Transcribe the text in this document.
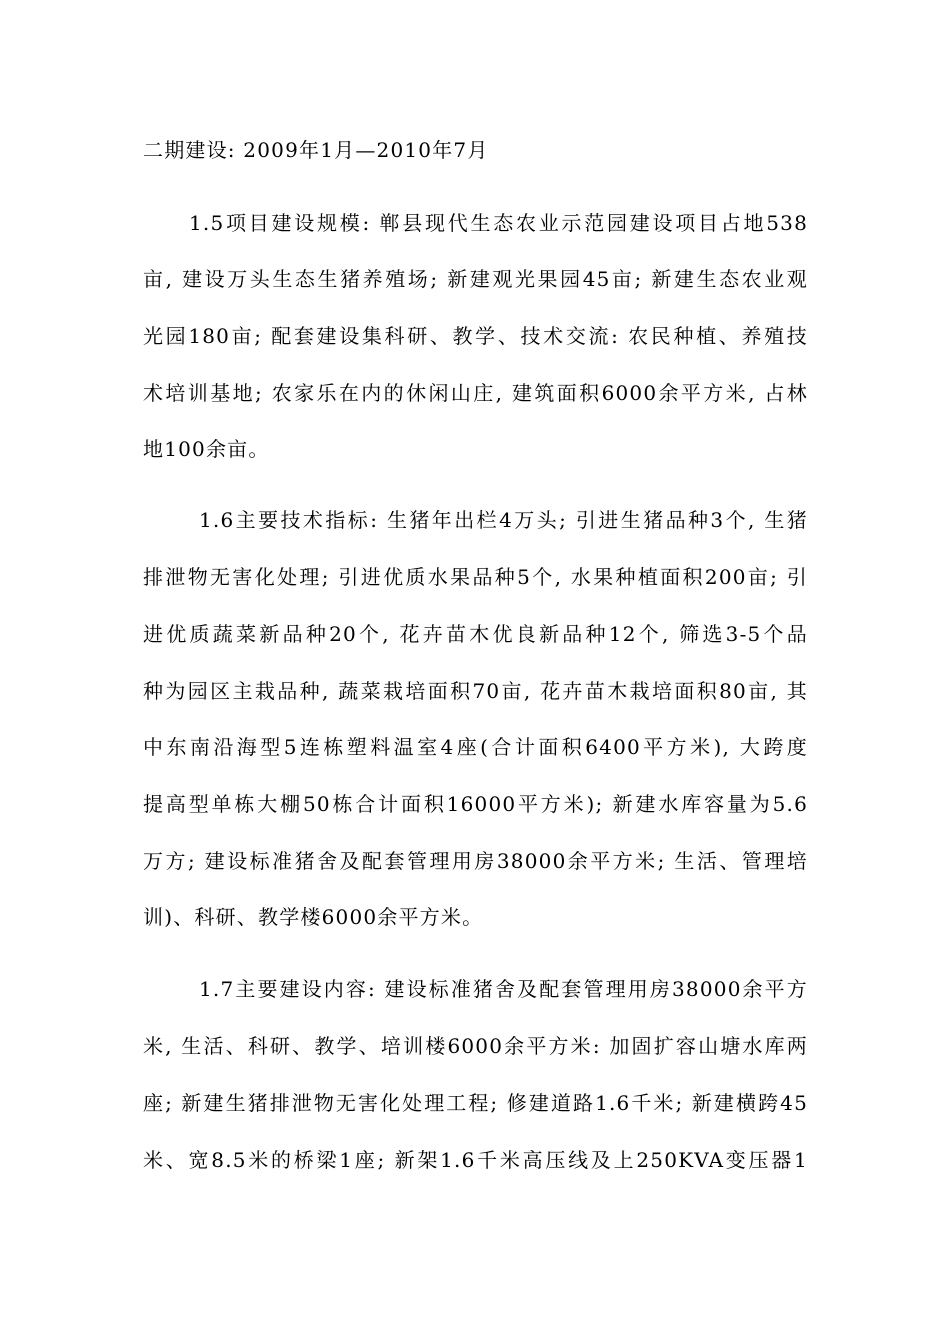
二期建设: 2009年1月—2010年7月
1.5项目建设规模: 郸县现代生态农业示范园建设项目占地538
亩, 建设万头生态生猪养殖场; 新建观光果园45亩; 新建生态农业观
光园180亩; 配套建设集科研、教学、技术交流: 农民种植、养殖技
术培训基地; 农家乐在内的休闲山庄, 建筑面积6000余平方米, 占林
地100余亩。
1.6主要技术指标: 生猪年出栏4万头; 引进生猪品种3个, 生猪
排泄物无害化处理; 引进优质水果品种5个, 水果种植面积200亩; 引
进优质蔬菜新品种20个, 花卉苗木优良新品种12个, 筛选3-5个品
种为园区主栽品种, 蔬菜栽培面积70亩, 花卉苗木栽培面积80亩, 其
中东南沿海型5连栋塑料温室4座(合计面积6400平方米), 大跨度
提高型单栋大棚50栋合计面积16000平方米); 新建水库容量为5.6
万方; 建设标准猪舍及配套管理用房38000余平方米; 生活、管理培
训)、科研、教学楼6000余平方米。
1.7主要建设内容: 建设标准猪舍及配套管理用房38000余平方
米, 生活、科研、教学、培训楼6000余平方米: 加固扩容山塘水库两
座; 新建生猪排泄物无害化处理工程; 修建道路1.6千米; 新建横跨45
米、宽8.5米的桥梁1座; 新架1.6千米高压线及上250KVA变压器1
